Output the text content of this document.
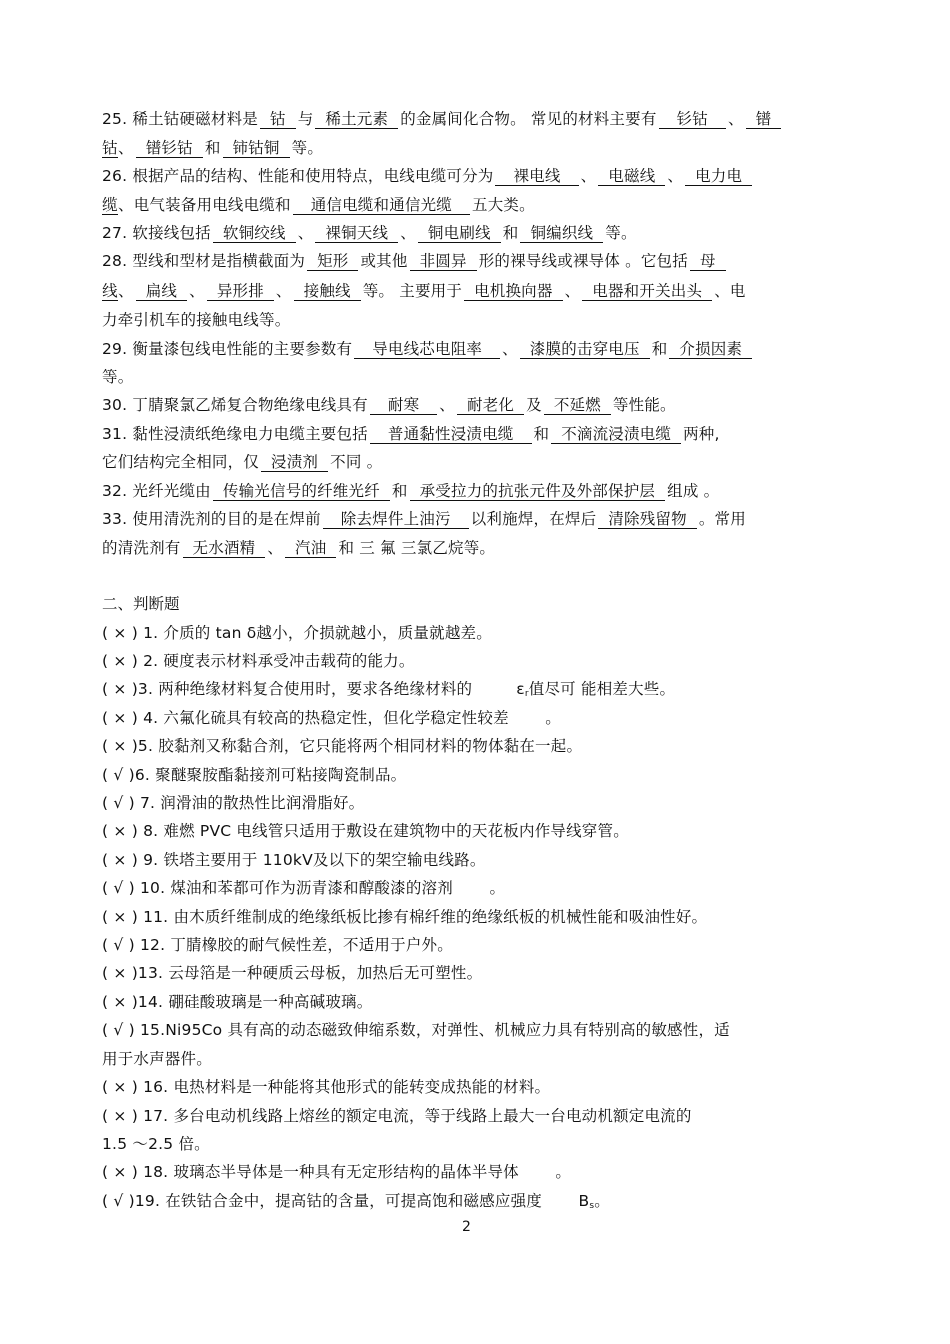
25. 稀土钴硬磁材料是 钴 与 稀土元素 的金属间化合物。 常见的材料主要有 钐钴 、 镨
钴、 镨钐钴 和 铈钴铜 等。
26. 根据产品的结构、性能和使用特点，电线电缆可分为 裸电线 、 电磁线 、 电力电
缆、电气装备用电线电缆和 通信电缆和通信光缆 五大类。
27. 软接线包括 软铜绞线 、 裸铜天线 、 铜电刷线 和 铜编织线 等。
28. 型线和型材是指横截面为 矩形 或其他 非圆异 形的裸导线或裸导体 。它包括 母
线、 扁线 、 异形排 、 接触线 等。 主要用于 电机换向器 、 电器和开关出头 、电
力牵引机车的接触电线等。
29. 衡量漆包线电性能的主要参数有 导电线芯电阻率 、 漆膜的击穿电压 和 介损因素
等。
30. 丁腈聚氯乙烯复合物绝缘电线具有 耐寒 、 耐老化 及 不延燃 等性能。
31. 黏性浸渍纸绝缘电力电缆主要包括 普通黏性浸渍电缆 和 不滴流浸渍电缆 两种,
它们结构完全相同，仅 浸渍剂 不同 。
32. 光纤光缆由 传输光信号的纤维光纤 和 承受拉力的抗张元件及外部保护层 组成 。
33. 使用清洗剂的目的是在焊前 除去焊件上油污 以利施焊，在焊后 清除残留物 。常用
的清洗剂有 无水酒精 、 汽油 和 三 氟 三氯乙烷等。
二、判断题
( × ) 1. 介质的 tan δ越小，介损就越小，质量就越差。
( × ) 2. 硬度表示材料承受冲击载荷的能力。
( × )3. 两种绝缘材料复合使用时，要求各绝缘材料的	$\varepsilon_r$值尽可 能相差大些。
( × ) 4. 六氟化硫具有较高的热稳定性，但化学稳定性较差 　　。
( × )5. 胶黏剂又称黏合剂，它只能将两个相同材料的物体黏在一起。
( √ )6. 聚醚聚胺酯黏接剂可粘接陶瓷制品。
( √ ) 7. 润滑油的散热性比润滑脂好。
( × ) 8. 难燃 PVC 电线管只适用于敷设在建筑物中的天花板内作导线穿管。
( × ) 9. 铁塔主要用于 110kV及以下的架空输电线路。
( √ ) 10. 煤油和苯都可作为沥青漆和醇酸漆的溶剂 　　。
( × ) 11. 由木质纤维制成的绝缘纸板比掺有棉纤维的绝缘纸板的机械性能和吸油性好。
( √ ) 12. 丁腈橡胶的耐气候性差，不适用于户外。
( × )13. 云母箔是一种硬质云母板，加热后无可塑性。
( × )14. 硼硅酸玻璃是一种高碱玻璃。
( √ ) 15.Ni95Co 具有高的动态磁致伸缩系数，对弹性、机械应力具有特别高的敏感性，适
用于水声器件。
( × ) 16. 电热材料是一种能将其他形式的能转变成热能的材料。
( × ) 17. 多台电动机线路上熔丝的额定电流，等于线路上最大一台电动机额定电流的
1.5 ～2.5 倍。
( × ) 18. 玻璃态半导体是一种具有无定形结构的晶体半导体 　　。
( √ )19. 在铁钴合金中，提高钴的含量，可提高饱和磁感应强度 　　$B_s$。
2
